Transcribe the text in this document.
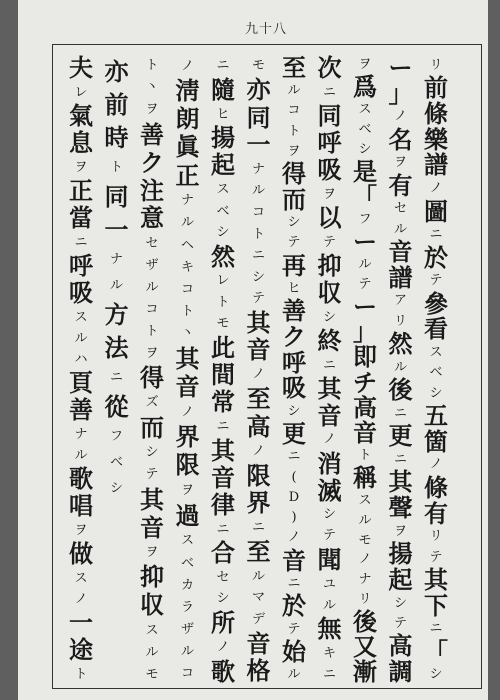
九十八
リ
前
條
樂
譜
ノ
圖
ニ
於
テ
參
看
ス
ベ
シ
五
箇
ノ
條
有
リ
テ
其
下
ニ
「
シ
ー
」
ノ
名
ヲ
有
セ
ル
音
譜
ア
リ
然
ル
後
ニ
更
ニ
其
聲
ヲ
揚
起
シ
テ
高
調
ヲ
爲
ス
ベ
シ
是
「
フ
ー
ル
テ
ー
」
即
チ
高
音
ト
稱
ス
ル
モ
ノ
ナ
リ
後
又
漸
次
ニ
同
呼
吸
ヲ
以
テ
抑
収
シ
終
ニ
其
音
ノ
消
滅
シ
テ
聞
ユ
ル
無
キ
ニ
至
ル
コ
ト
ヲ
得
而
シ
テ
再
ヒ
善
ク
呼
吸
シ
更
ニ
(
D
)
ノ
音
ニ
於
テ
始
ル
モ
亦
同
一
ナ
ル
コ
ト
ニ
シ
テ
其
音
ノ
至
高
ノ
限
界
ニ
至
ル
マ
デ
音
格
ニ
隨
ヒ
揚
起
ス
ベ
シ
然
レ
ト
モ
此
間
常
ニ
其
音
律
ニ
合
セ
シ
所
ノ
歌
ノ
淸
朗
眞
正
ナ
ル
ヘ
キ
コ
ト
丶
其
音
ノ
界
限
ヲ
過
ス
ベ
カ
ラ
ザ
ル
コ
ト
丶
ヲ
善
ク
注
意
セ
ザ
ル
コ
ト
ヲ
得
ズ
而
シ
テ
其
音
ヲ
抑
収
ス
ル
モ
亦
前
時
ト
同
一
ナ
ル
方
法
ニ
從
フ
ベ
シ
夫
レ
氣
息
ヲ
正
當
ニ
呼
吸
ス
ル
ハ
頁
善
ナ
ル
歌
唱
ヲ
做
ス
ノ
一
途
ト
